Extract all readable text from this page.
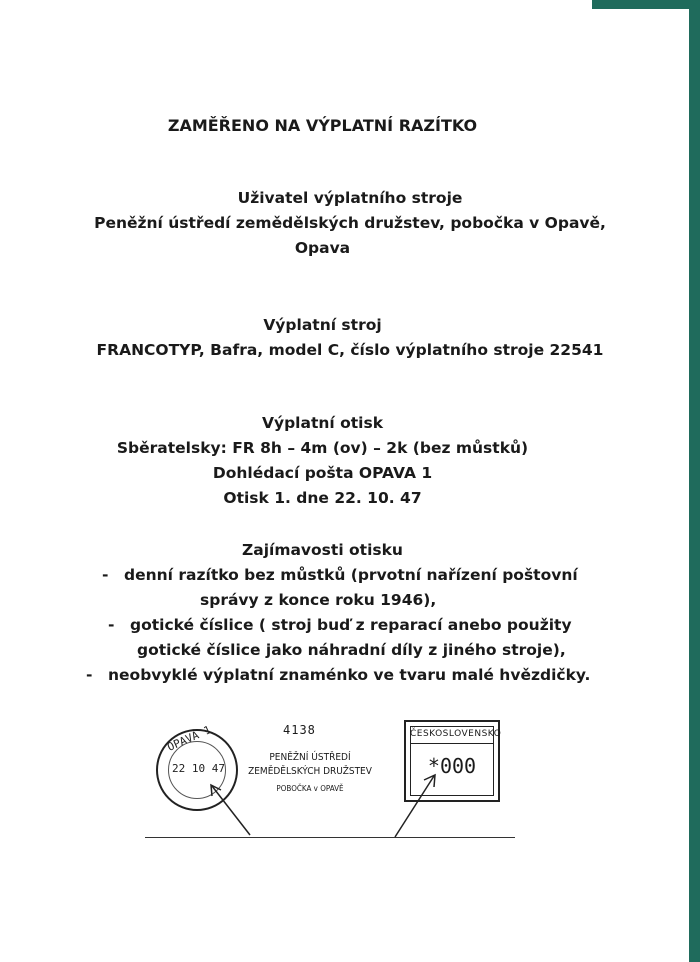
ZAMĚŘENO NA VÝPLATNÍ RAZÍTKO
Uživatel výplatního stroje
Peněžní ústředí zemědělských družstev, pobočka v Opavě,
Opava
Výplatní stroj
FRANCOTYP, Bafra, model C, číslo výplatního stroje 22541
Výplatní otisk
Sběratelsky: FR 8h – 4m (ov) – 2k (bez můstků)
Dohlédací pošta OPAVA 1
Otisk 1. dne 22. 10. 47
Zajímavosti otisku
- denní razítko bez můstků (prvotní nařízení poštovní
správy z konce roku 1946),
- gotické číslice ( stroj buď z reparací anebo použity
gotické číslice jako náhradní díly z jiného stroje),
- neobvyklé výplatní znaménko ve tvaru malé hvězdičky.
OPAVA 1
22 10 47
4138
PENĚŽNÍ ÚSTŘEDÍ
ZEMĚDĚLSKÝCH DRUŽSTEV
POBOČKA v OPAVĚ
ČESKOSLOVENSKO
*000
